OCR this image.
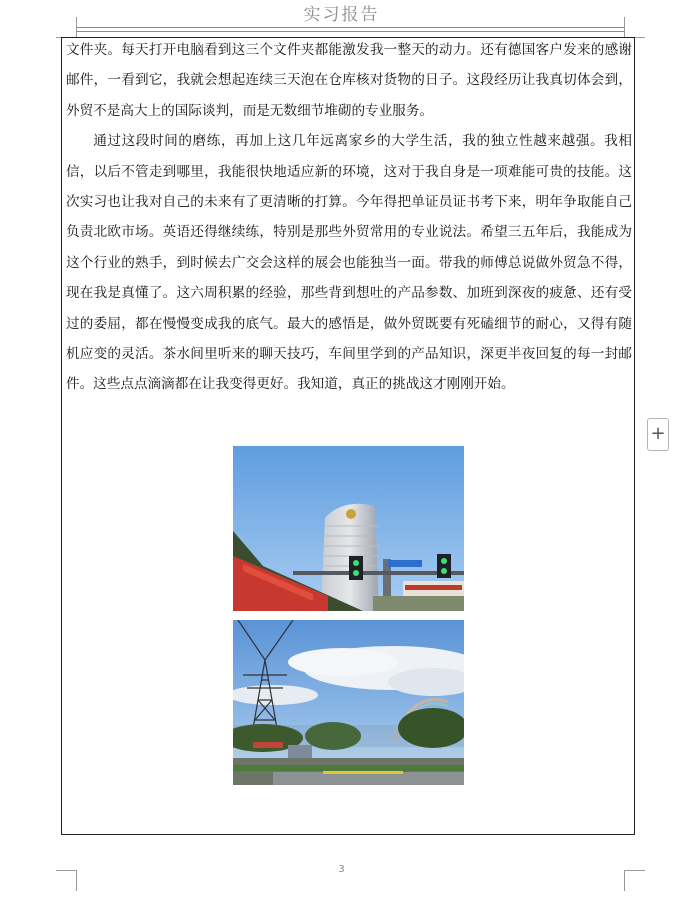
实习报告

文件夹。每天打开电脑看到这三个文件夹都能激发我一整天的动力。还有德国客户发来的感谢邮件，一看到它，我就会想起连续三天泡在仓库核对货物的日子。这段经历让我真切体会到，外贸不是高大上的国际谈判，而是无数细节堆砌的专业服务。

通过这段时间的磨练，再加上这几年远离家乡的大学生活，我的独立性越来越强。我相信，以后不管走到哪里，我能很快地适应新的环境，这对于我自身是一项难能可贵的技能。这次实习也让我对自己的未来有了更清晰的打算。今年得把单证员证书考下来，明年争取能自己负责北欧市场。英语还得继续练，特别是那些外贸常用的专业说法。希望三五年后，我能成为这个行业的熟手，到时候去广交会这样的展会也能独当一面。带我的师傅总说做外贸急不得，现在我是真懂了。这六周积累的经验，那些背到想吐的产品参数、加班到深夜的疲惫、还有受过的委屈，都在慢慢变成我的底气。最大的感悟是，做外贸既要有死磕细节的耐心，又得有随机应变的灵活。茶水间里听来的聊天技巧，车间里学到的产品知识，深更半夜回复的每一封邮件。这些点点滴滴都在让我变得更好。我知道，真正的挑战这才刚刚开始。

+
3
